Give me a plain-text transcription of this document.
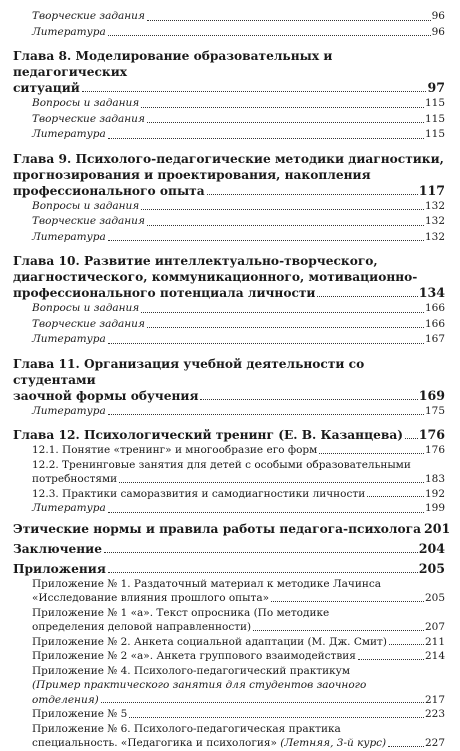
Творческие задания	96
Литература	96
Глава 8. Моделирование образовательных и педагогических
ситуаций	97
Вопросы и задания	115
Творческие задания	115
Литература	115
Глава 9. Психолого-педагогические методики диагностики,
прогнозирования и проектирования, накопления
профессионального опыта	117
Вопросы и задания	132
Творческие задания	132
Литература	132
Глава 10. Развитие интеллектуально-творческого,
диагностического, коммуникационного, мотивационно-
профессионального потенциала личности	134
Вопросы и задания	166
Творческие задания	166
Литература	167
Глава 11. Организация учебной деятельности со студентами
заочной формы обучения	169
Литература	175
Глава 12. Психологический тренинг (Е. В. Казанцева) 176
12.1. Понятие «тренинг» и многообразие его форм	176
12.2. Тренинговые занятия для детей с особыми образовательными
потребностями	183
12.3. Практики саморазвития и самодиагностики личности	192
Литература	199
Этические нормы и правила работы педагога-психолога 201
Заключение	204
Приложения	205
Приложение № 1. Раздаточный материал к методике Лачинса
«Исследование влияния прошлого опыта»	205
Приложение № 1 «а». Текст опросника (По методике
определения деловой направленности)	207
Приложение № 2. Анкета социальной адаптации (М. Дж. Смит)	211
Приложение № 2 «а». Анкета группового взаимодействия	214
Приложение № 4. Психолого-педагогический практикум
(Пример практического занятия для студентов заочного
отделения)	217
Приложение № 5	223
Приложение № 6. Психолого-педагогическая практика
специальность. «Педагогика и психология» (Летняя, 3-й курс)	227
